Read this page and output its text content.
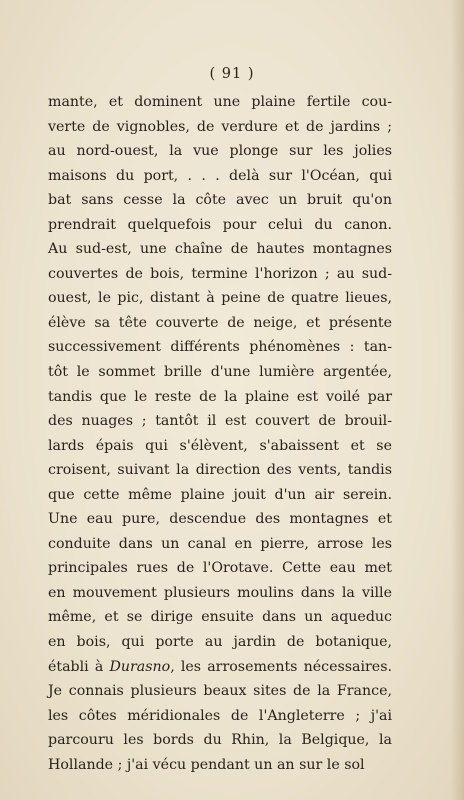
( 91 )
mante, et dominent une plaine fertile cou-
verte de vignobles, de verdure et de jardins ;
au nord-ouest, la vue plonge sur les jolies
maisons du port, . . . delà sur l'Océan, qui
bat sans cesse la côte avec un bruit qu'on
prendrait quelquefois pour celui du canon.
Au sud-est, une chaîne de hautes montagnes
couvertes de bois, termine l'horizon ; au sud-
ouest, le pic, distant à peine de quatre lieues,
élève sa tête couverte de neige, et présente
successivement différents phénomènes : tan-
tôt le sommet brille d'une lumière argentée,
tandis que le reste de la plaine est voilé par
des nuages ; tantôt il est couvert de brouil-
lards épais qui s'élèvent, s'abaissent et se
croisent, suivant la direction des vents, tandis
que cette même plaine jouit d'un air serein.
Une eau pure, descendue des montagnes et
conduite dans un canal en pierre, arrose les
principales rues de l'Orotave. Cette eau met
en mouvement plusieurs moulins dans la ville
même, et se dirige ensuite dans un aqueduc
en bois, qui porte au jardin de botanique,
établi à Durasno, les arrosements nécessaires.
Je connais plusieurs beaux sites de la France,
les côtes méridionales de l'Angleterre ; j'ai
parcouru les bords du Rhin, la Belgique, la
Hollande ; j'ai vécu pendant un an sur le sol
